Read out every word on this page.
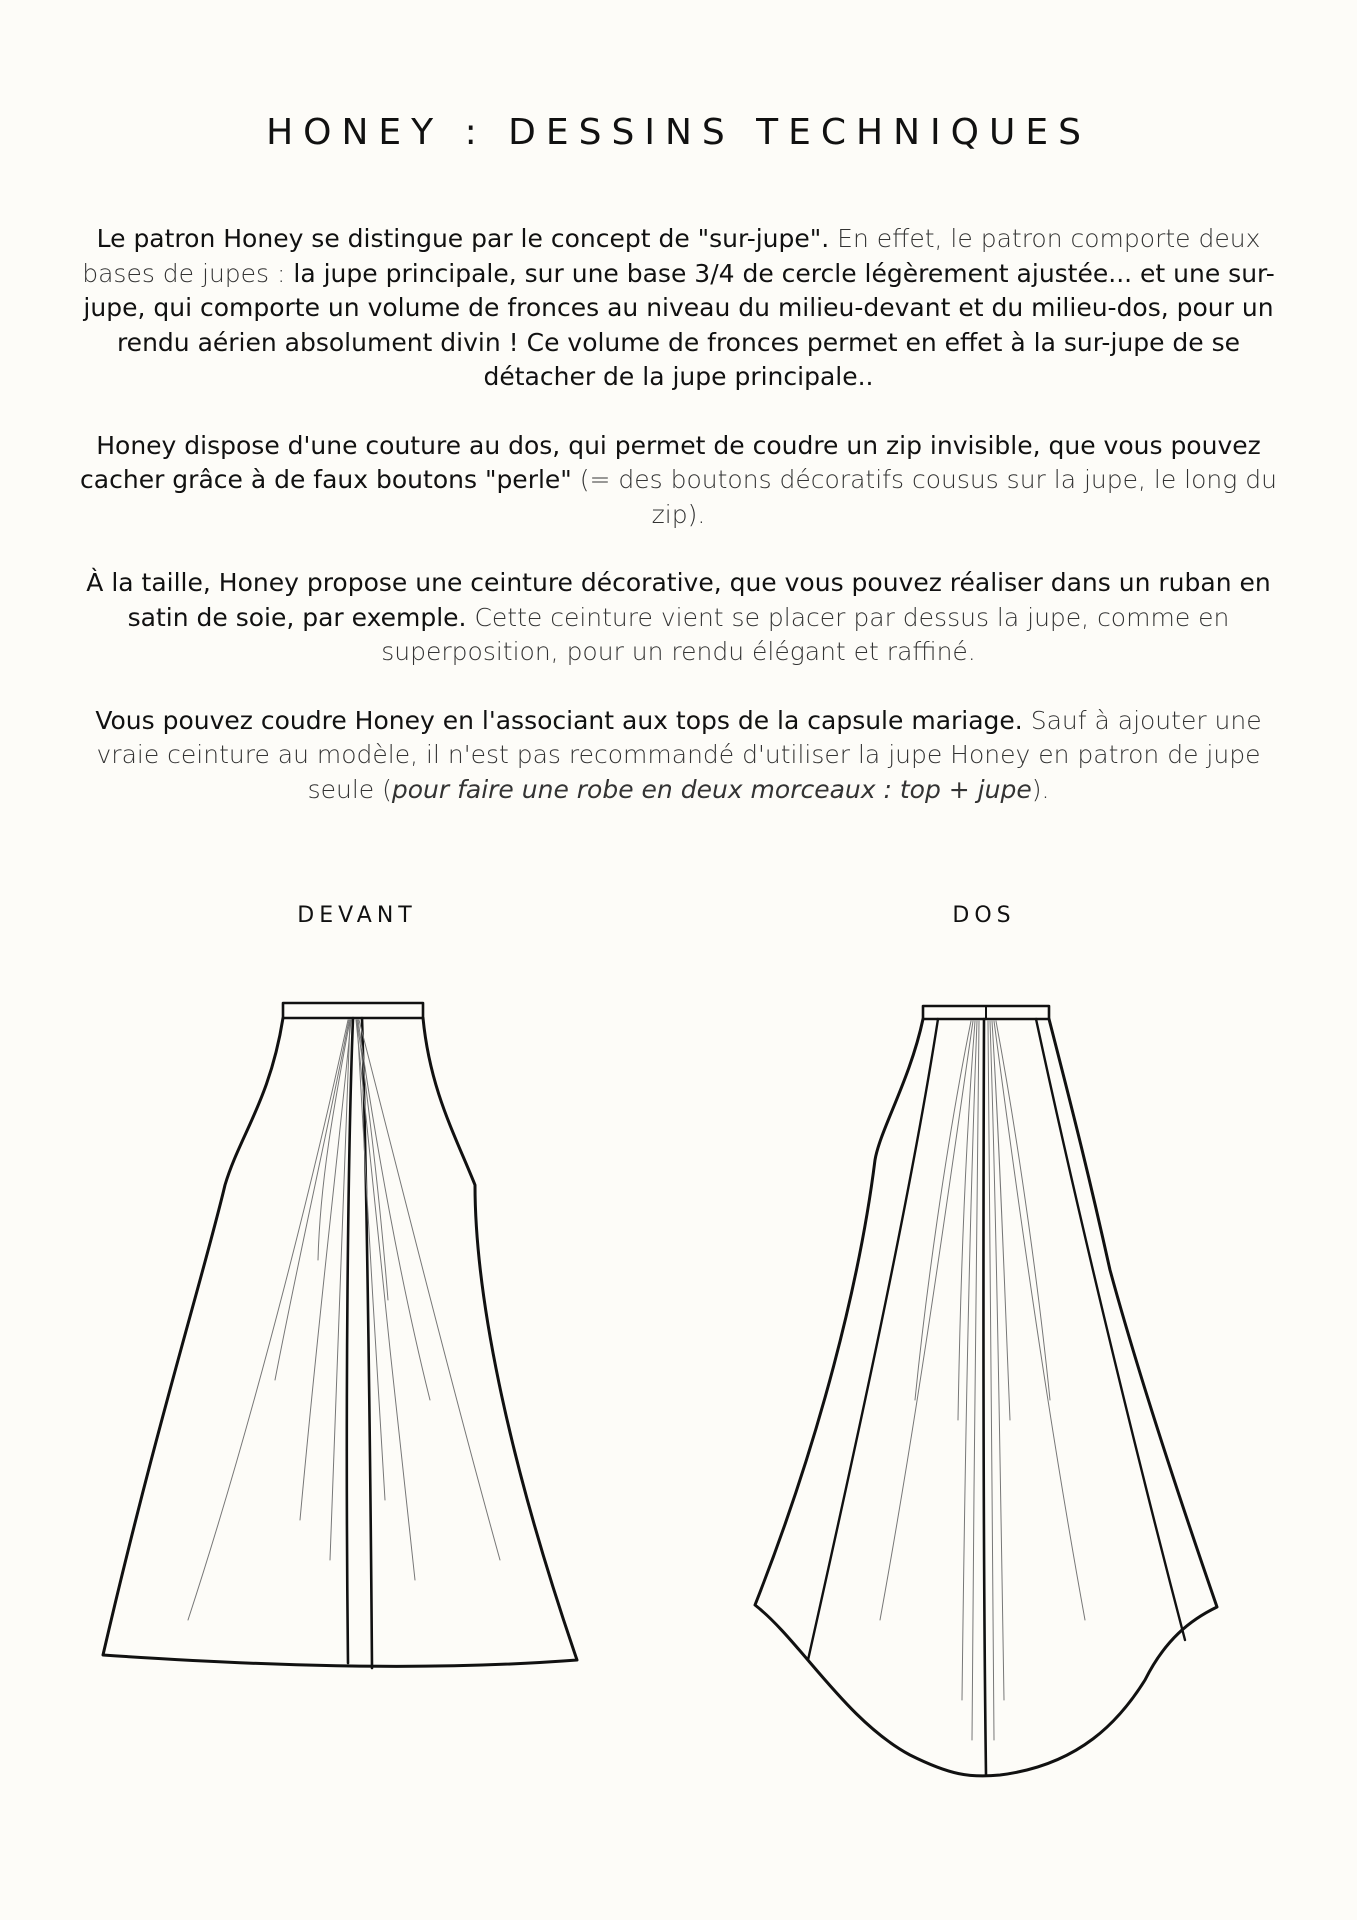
HONEY : DESSINS TECHNIQUES

Le patron Honey se distingue par le concept de "sur-jupe". En effet, le patron comporte deux bases de jupes : la jupe principale, sur une base 3/4 de cercle légèrement ajustée... et une sur-jupe, qui comporte un volume de fronces au niveau du milieu-devant et du milieu-dos, pour un rendu aérien absolument divin ! Ce volume de fronces permet en effet à la sur-jupe de se détacher de la jupe principale..

Honey dispose d'une couture au dos, qui permet de coudre un zip invisible, que vous pouvez cacher grâce à de faux boutons "perle" (= des boutons décoratifs cousus sur la jupe, le long du zip).

À la taille, Honey propose une ceinture décorative, que vous pouvez réaliser dans un ruban en satin de soie, par exemple. Cette ceinture vient se placer par dessus la jupe, comme en superposition, pour un rendu élégant et raffiné.

Vous pouvez coudre Honey en l'associant aux tops de la capsule mariage. Sauf à ajouter une vraie ceinture au modèle, il n'est pas recommandé d'utiliser la jupe Honey en patron de jupe seule (pour faire une robe en deux morceaux : top + jupe).

DEVANT	DOS
